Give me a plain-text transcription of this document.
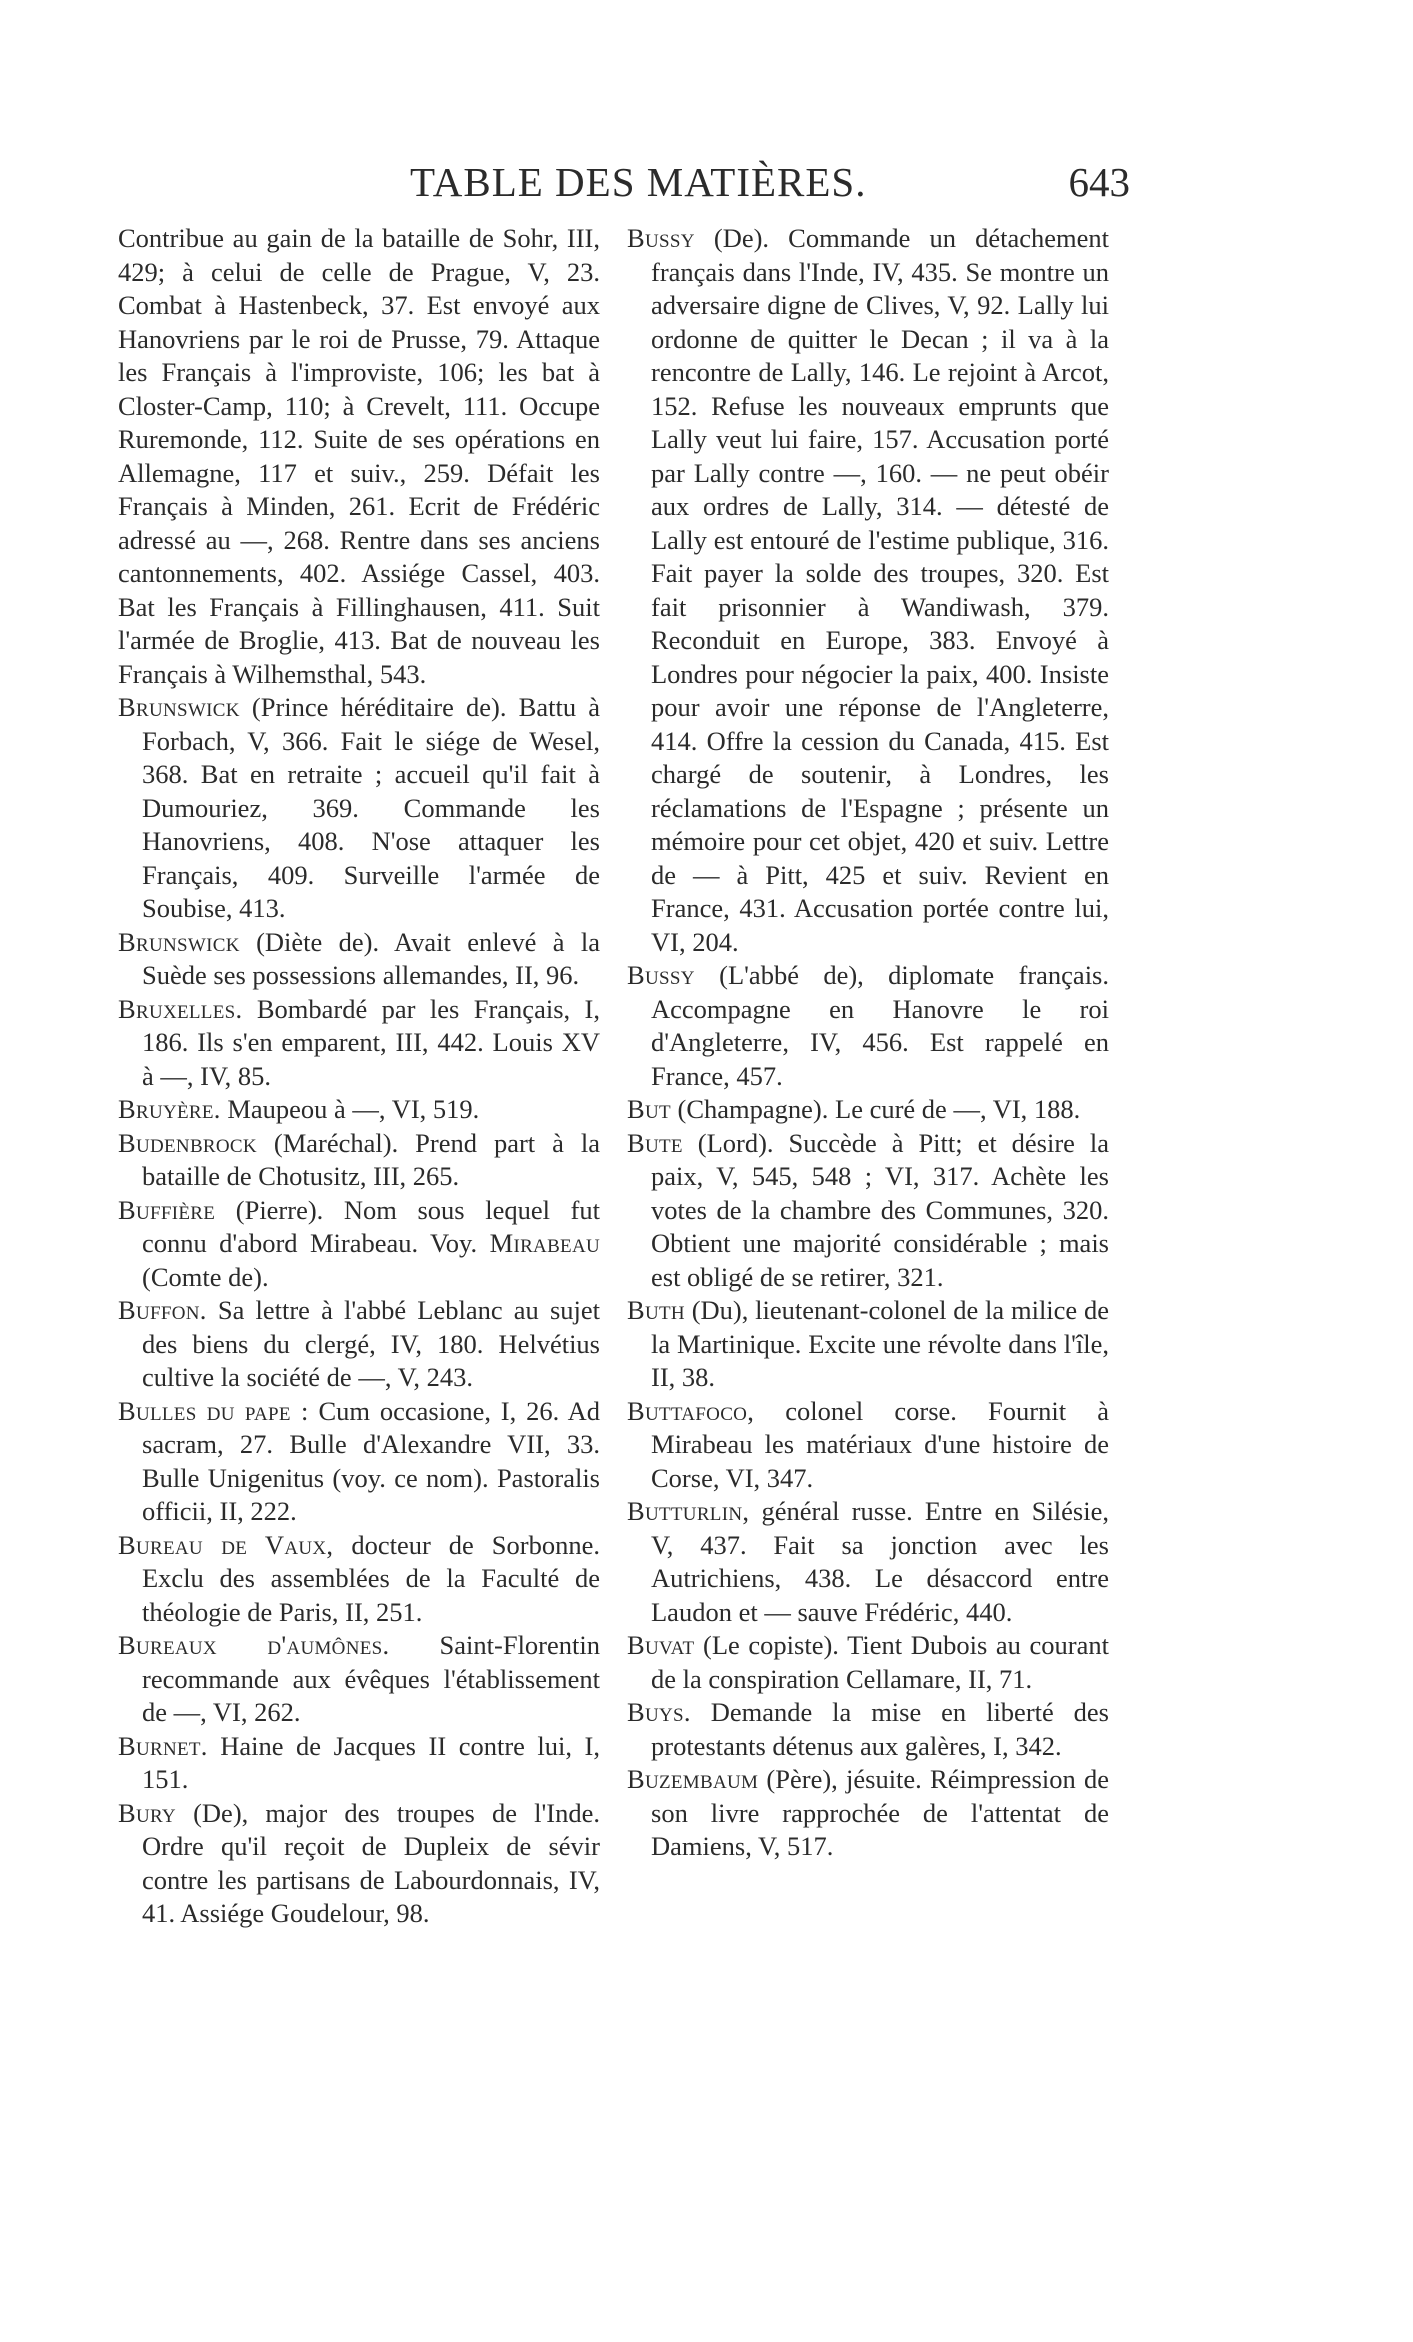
TABLE DES MATIÈRES.	643

Contribue au gain de la bataille de Sohr, III, 429; à celui de celle de Prague, V, 23. Combat à Hastenbeck, 37. Est envoyé aux Hanovriens par le roi de Prusse, 79. Attaque les Français à l'improviste, 106; les bat à Closter-Camp, 110; à Crevelt, 111. Occupe Ruremonde, 112. Suite de ses opérations en Allemagne, 117 et suiv., 259. Défait les Français à Minden, 261. Ecrit de Frédéric adressé au —, 268. Rentre dans ses anciens cantonnements, 402. Assiége Cassel, 403. Bat les Français à Fillinghausen, 411. Suit l'armée de Broglie, 413. Bat de nouveau les Français à Wilhemsthal, 543.

Brunswick (Prince héréditaire de). Battu à Forbach, V, 366. Fait le siége de Wesel, 368. Bat en retraite ; accueil qu'il fait à Dumouriez, 369. Commande les Hanovriens, 408. N'ose attaquer les Français, 409. Surveille l'armée de Soubise, 413.

Brunswick (Diète de). Avait enlevé à la Suède ses possessions allemandes, II, 96.

Bruxelles. Bombardé par les Français, I, 186. Ils s'en emparent, III, 442. Louis XV à —, IV, 85.

Bruyère. Maupeou à —, VI, 519.

Budenbrock (Maréchal). Prend part à la bataille de Chotusitz, III, 265.

Buffière (Pierre). Nom sous lequel fut connu d'abord Mirabeau. Voy. Mirabeau (Comte de).

Buffon. Sa lettre à l'abbé Leblanc au sujet des biens du clergé, IV, 180. Helvétius cultive la société de —, V, 243.

Bulles du pape : Cum occasione, I, 26. Ad sacram, 27. Bulle d'Alexandre VII, 33. Bulle Unigenitus (voy. ce nom). Pastoralis officii, II, 222.

Bureau de Vaux, docteur de Sorbonne. Exclu des assemblées de la Faculté de théologie de Paris, II, 251.

Bureaux d'aumônes. Saint-Florentin recommande aux évêques l'établissement de —, VI, 262.

Burnet. Haine de Jacques II contre lui, I, 151.

Bury (De), major des troupes de l'Inde. Ordre qu'il reçoit de Dupleix de sévir contre les partisans de Labourdonnais, IV, 41. Assiége Goudelour, 98.

Bussy (De). Commande un détachement français dans l'Inde, IV, 435. Se montre un adversaire digne de Clives, V, 92. Lally lui ordonne de quitter le Decan ; il va à la rencontre de Lally, 146. Le rejoint à Arcot, 152. Refuse les nouveaux emprunts que Lally veut lui faire, 157. Accusation porté par Lally contre —, 160. — ne peut obéir aux ordres de Lally, 314. — détesté de Lally est entouré de l'estime publique, 316. Fait payer la solde des troupes, 320. Est fait prisonnier à Wandiwash, 379. Reconduit en Europe, 383. Envoyé à Londres pour négocier la paix, 400. Insiste pour avoir une réponse de l'Angleterre, 414. Offre la cession du Canada, 415. Est chargé de soutenir, à Londres, les réclamations de l'Espagne ; présente un mémoire pour cet objet, 420 et suiv. Lettre de — à Pitt, 425 et suiv. Revient en France, 431. Accusation portée contre lui, VI, 204.

Bussy (L'abbé de), diplomate français. Accompagne en Hanovre le roi d'Angleterre, IV, 456. Est rappelé en France, 457.

But (Champagne). Le curé de —, VI, 188.

Bute (Lord). Succède à Pitt; et désire la paix, V, 545, 548 ; VI, 317. Achète les votes de la chambre des Communes, 320. Obtient une majorité considérable ; mais est obligé de se retirer, 321.

Buth (Du), lieutenant-colonel de la milice de la Martinique. Excite une révolte dans l'île, II, 38.

Buttafoco, colonel corse. Fournit à Mirabeau les matériaux d'une histoire de Corse, VI, 347.

Butturlin, général russe. Entre en Silésie, V, 437. Fait sa jonction avec les Autrichiens, 438. Le désaccord entre Laudon et — sauve Frédéric, 440.

Buvat (Le copiste). Tient Dubois au courant de la conspiration Cellamare, II, 71.

Buys. Demande la mise en liberté des protestants détenus aux galères, I, 342.

Buzembaum (Père), jésuite. Réimpression de son livre rapprochée de l'attentat de Damiens, V, 517.
